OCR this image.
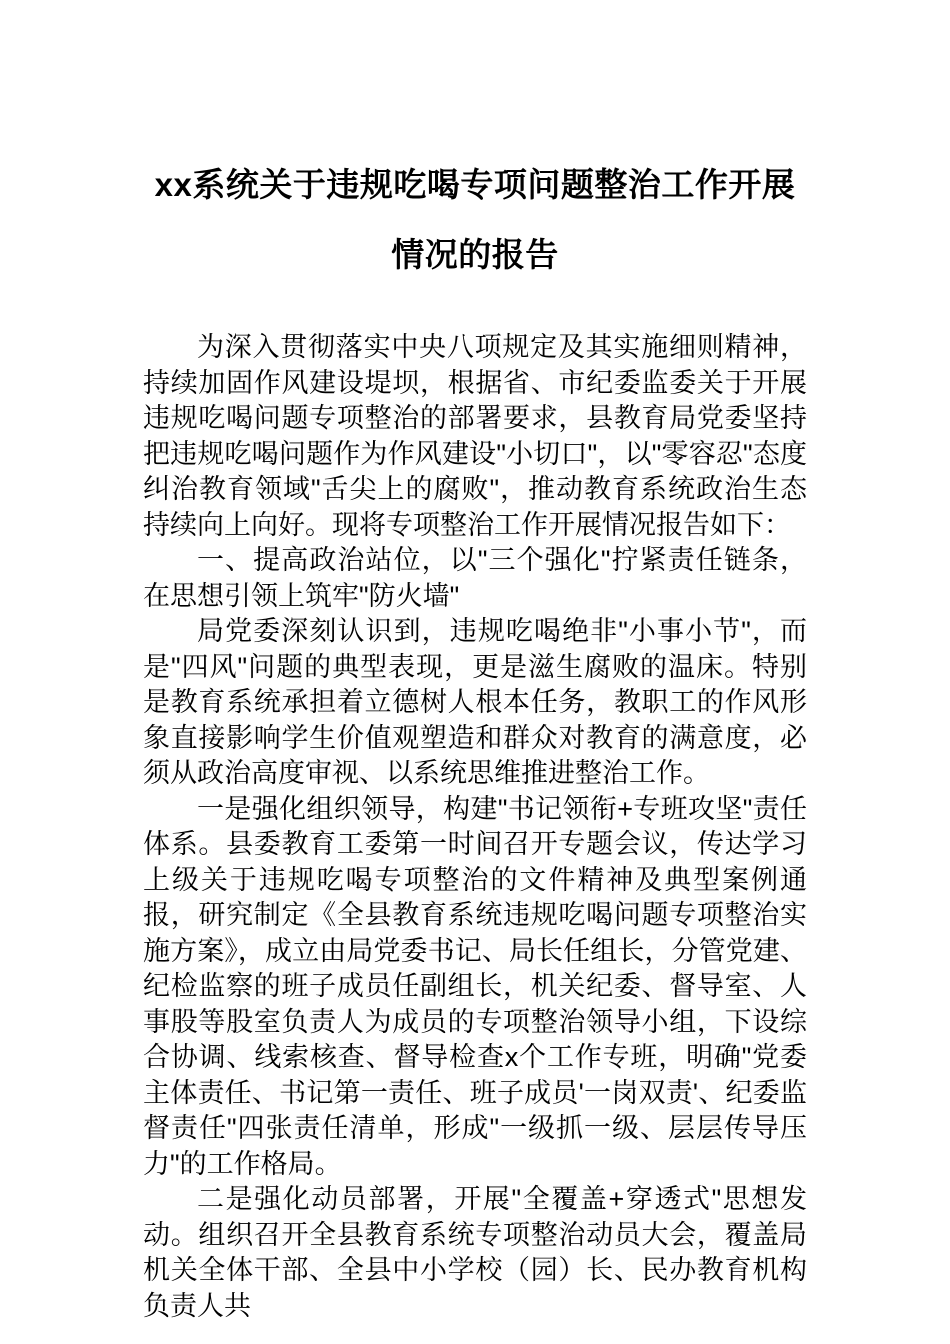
xx系统关于违规吃喝专项问题整治工作开展情况的报告

为深入贯彻落实中央八项规定及其实施细则精神，持续加固作风建设堤坝，根据省、市纪委监委关于开展违规吃喝问题专项整治的部署要求，县教育局党委坚持把违规吃喝问题作为作风建设"小切口"，以"零容忍"态度纠治教育领域"舌尖上的腐败"，推动教育系统政治生态持续向上向好。现将专项整治工作开展情况报告如下：

一、提高政治站位，以"三个强化"拧紧责任链条，在思想引领上筑牢"防火墙"

局党委深刻认识到，违规吃喝绝非"小事小节"，而是"四风"问题的典型表现，更是滋生腐败的温床。特别是教育系统承担着立德树人根本任务，教职工的作风形象直接影响学生价值观塑造和群众对教育的满意度，必须从政治高度审视、以系统思维推进整治工作。

一是强化组织领导，构建"书记领衔+专班攻坚"责任体系。县委教育工委第一时间召开专题会议，传达学习上级关于违规吃喝专项整治的文件精神及典型案例通报，研究制定《全县教育系统违规吃喝问题专项整治实施方案》，成立由局党委书记、局长任组长，分管党建、纪检监察的班子成员任副组长，机关纪委、督导室、人事股等股室负责人为成员的专项整治领导小组，下设综合协调、线索核查、督导检查x个工作专班，明确"党委主体责任、书记第一责任、班子成员'一岗双责'、纪委监督责任"四张责任清单，形成"一级抓一级、层层传导压力"的工作格局。

二是强化动员部署，开展"全覆盖+穿透式"思想发动。组织召开全县教育系统专项整治动员大会，覆盖局机关全体干部、全县中小学校（园）长、民办教育机构负责人共
